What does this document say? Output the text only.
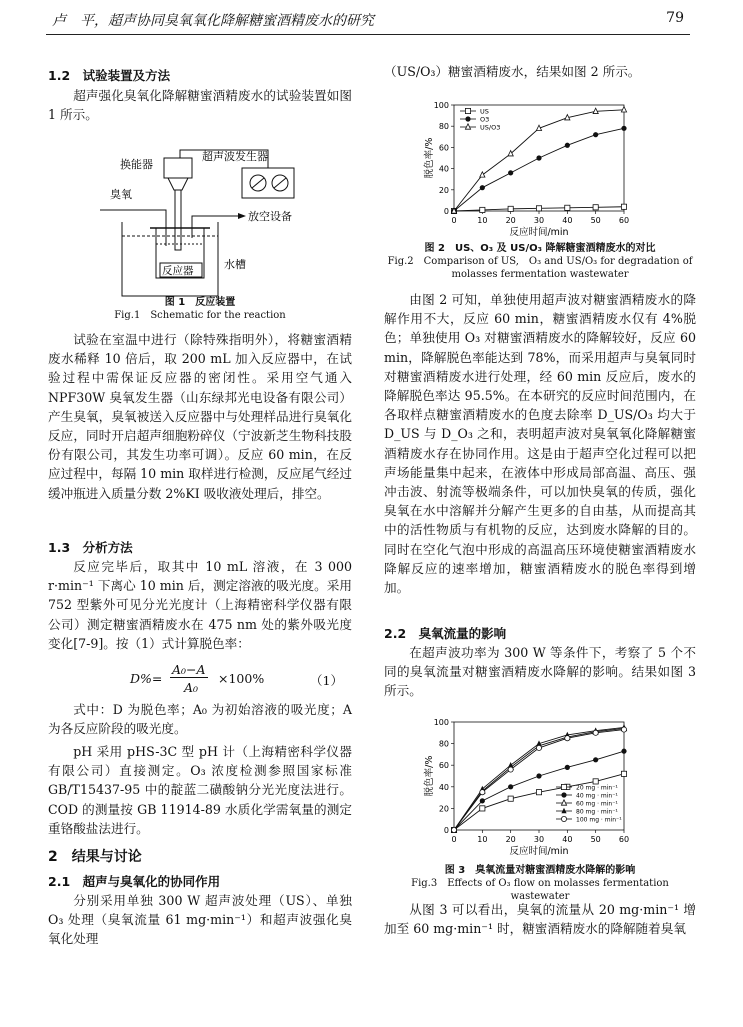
卢　平，超声协同臭氧氧化降解糖蜜酒精废水的研究	79
1.2　试验装置及方法

超声强化臭氧化降解糖蜜酒精废水的试验装置如图 1 所示。

换能器
超声波发生器
臭氧
放空设备
水槽
反应器
图 1　反应装置
Fig.1　Schematic for the reaction

试验在室温中进行（除特殊指明外），将糖蜜酒精废水稀释 10 倍后，取 200 mL 加入反应器中，在试验过程中需保证反应器的密闭性。采用空气通入 NPF30W 臭氧发生器（山东绿邦光电设备有限公司）产生臭氧，臭氧被送入反应器中与处理样品进行臭氧化反应，同时开启超声细胞粉碎仪（宁波新芝生物科技股份有限公司，其发生功率可调）。反应 60 min，在反应过程中，每隔 10 min 取样进行检测，反应尾气经过缓冲瓶进入质量分数 2%KI 吸收液处理后，排空。

1.3　分析方法

反应完毕后，取其中 10 mL 溶液，在 3 000 r·min⁻¹ 下离心 10 min 后，测定溶液的吸光度。采用 752 型紫外可见分光光度计（上海精密科学仪器有限公司）测定糖蜜酒精废水在 475 nm 处的紫外吸光度变化[7-9]。按（1）式计算脱色率：

D%=
A₀−A
A₀
×100%	（1）

式中：D 为脱色率；A₀ 为初始溶液的吸光度；A 为各反应阶段的吸光度。

pH 采用 pHS-3C 型 pH 计（上海精密科学仪器有限公司）直接测定。O₃ 浓度检测参照国家标准 GB/T15437-95 中的靛蓝二磺酸钠分光光度法进行。COD 的测量按 GB 11914-89 水质化学需氧量的测定重铬酸盐法进行。

2　结果与讨论
2.1　超声与臭氧化的协同作用

分别采用单独 300 W 超声波处理（US）、单独 O₃ 处理（臭氧流量 61 mg·min⁻¹）和超声波强化臭氧化处理

（US/O₃）糖蜜酒精废水，结果如图 2 所示。

0
20
40
60
80
100
0	10 20 30 40 50 60
反应时间/min
脱色率/%
US
O3
US/O3
图 2　US、O₃ 及 US/O₃ 降解糖蜜酒精废水的对比
Fig.2　Comparison of US,　O₃ and US/O₃ for degradation of
molasses fermentation wastewater

由图 2 可知，单独使用超声波对糖蜜酒精废水的降解作用不大，反应 60 min，糖蜜酒精废水仅有 4%脱色；单独使用 O₃ 对糖蜜酒精废水的降解较好，反应 60 min，降解脱色率能达到 78%，而采用超声与臭氧同时对糖蜜酒精废水进行处理，经 60 min 反应后，废水的降解脱色率达 95.5%。在本研究的反应时间范围内，在各取样点糖蜜酒精废水的色度去除率 D_US/O₃ 均大于 D_US 与 D_O₃ 之和，表明超声波对臭氧氧化降解糖蜜酒精废水存在协同作用。这是由于超声空化过程可以把声场能量集中起来，在液体中形成局部高温、高压、强冲击波、射流等极端条件，可以加快臭氧的传质，强化臭氧在水中溶解并分解产生更多的自由基，从而提高其中的活性物质与有机物的反应，达到废水降解的目的。同时在空化气泡中形成的高温高压环境使糖蜜酒精废水降解反应的速率增加，糖蜜酒精废水的脱色率得到增加。

2.2　臭氧流量的影响

在超声波功率为 300 W 等条件下，考察了 5 个不同的臭氧流量对糖蜜酒精废水降解的影响。结果如图 3 所示。

0
20
40
60
80
100
0	10 20 30 40 50 60
反应时间/min
脱色率/%	20 mg · min⁻¹
40 mg · min⁻¹
60 mg · min⁻¹
80 mg · min⁻¹
100 mg · min⁻¹
图 3　臭氧流量对糖蜜酒精废水降解的影响
Fig.3　Effects of O₃ flow on molasses fermentation wastewater

从图 3 可以看出，臭氧的流量从 20 mg·min⁻¹ 增加至 60 mg·min⁻¹ 时，糖蜜酒精废水的降解随着臭氧
